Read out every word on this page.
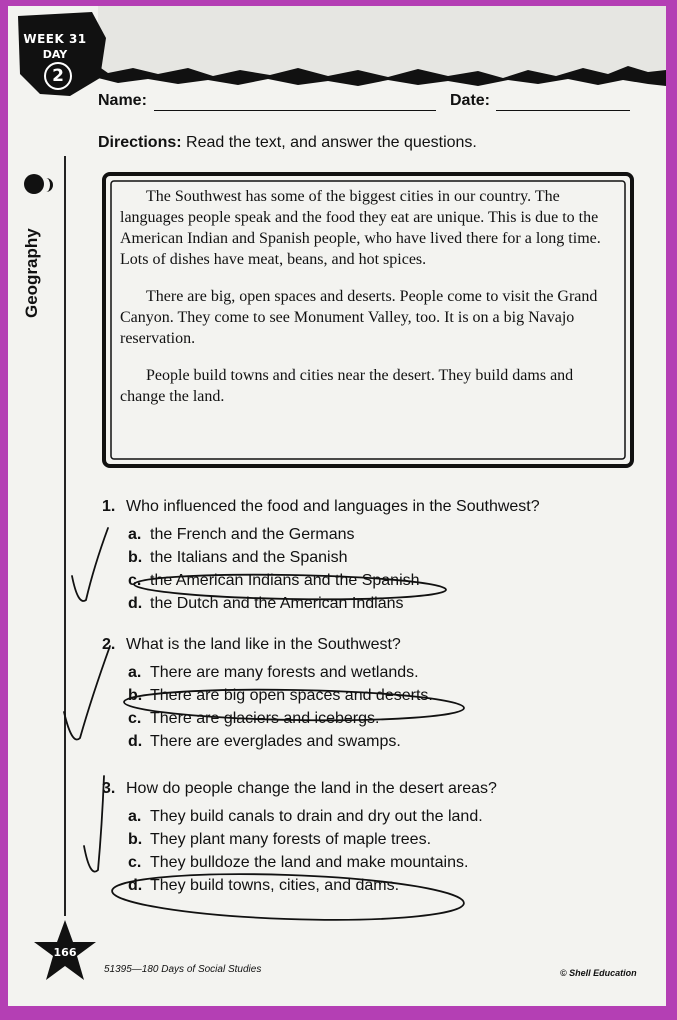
WEEK 31
DAY
2
Geography
Name:	Date:
Directions: Read the text, and answer the questions.

The Southwest has some of the biggest cities in our country. The languages people speak and the food they eat are unique. This is due to the American Indian and Spanish people, who have lived there for a long time. Lots of dishes have meat, beans, and hot spices.

There are big, open spaces and deserts. People come to visit the Grand Canyon. They come to see Monument Valley, too. It is on a big Navajo reservation.

People build towns and cities near the desert. They build dams and change the land.

1. Who influenced the food and languages in the Southwest?
a. the French and the Germans
b. the Italians and the Spanish
c. the American Indians and the Spanish
d. the Dutch and the American Indians
2. What is the land like in the Southwest?
a. There are many forests and wetlands.
b. There are big open spaces and deserts.
c. There are glaciers and icebergs.
d. There are everglades and swamps.
3. How do people change the land in the desert areas?
a. They build canals to drain and dry out the land.
b. They plant many forests of maple trees.
c. They bulldoze the land and make mountains.
d. They build towns, cities, and dams.
166
51395—180 Days of Social Studies	© Shell Education
